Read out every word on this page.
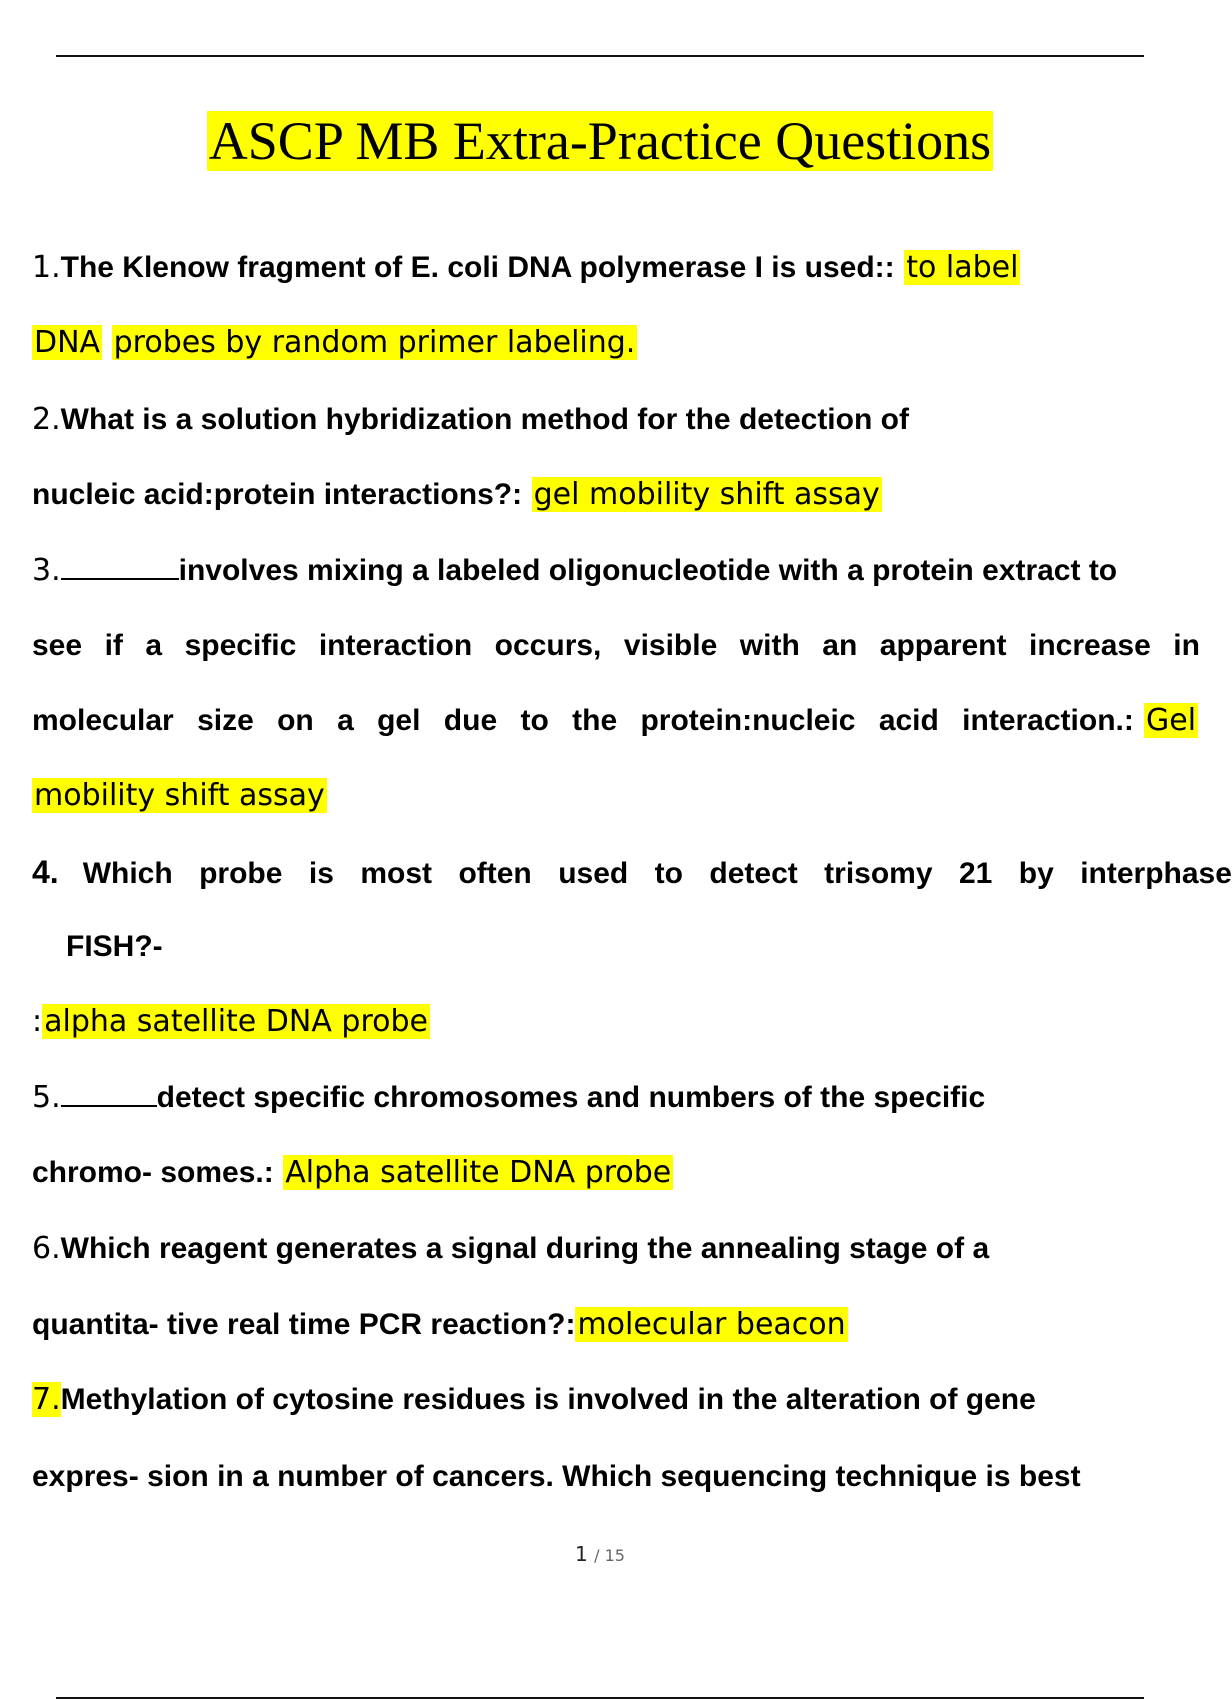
ASCP MB Extra-Practice Questions
1.The Klenow fragment of E. coli DNA polymerase I is used:: to label
DNA probes by random primer labeling.
2.What is a solution hybridization method for the detection of
nucleic acid:protein interactions?: gel mobility shift assay
3.	involves mixing a labeled oligonucleotide with a protein extract to
see if a specific interaction occurs, visible with an apparent increase in
molecular size on a gel due to the protein:nucleic acid interaction.: Gel
mobility shift assay
4. Which probe is most often used to detect trisomy 21 by interphase
FISH?-
:alpha satellite DNA probe
5.	detect specific chromosomes and numbers of the specific
chromo- somes.: Alpha satellite DNA probe
6.Which reagent generates a signal during the annealing stage of a
quantita- tive real time PCR reaction?:molecular beacon
7.Methylation of cytosine residues is involved in the alteration of gene
expres- sion in a number of cancers. Which sequencing technique is best
1 / 15
